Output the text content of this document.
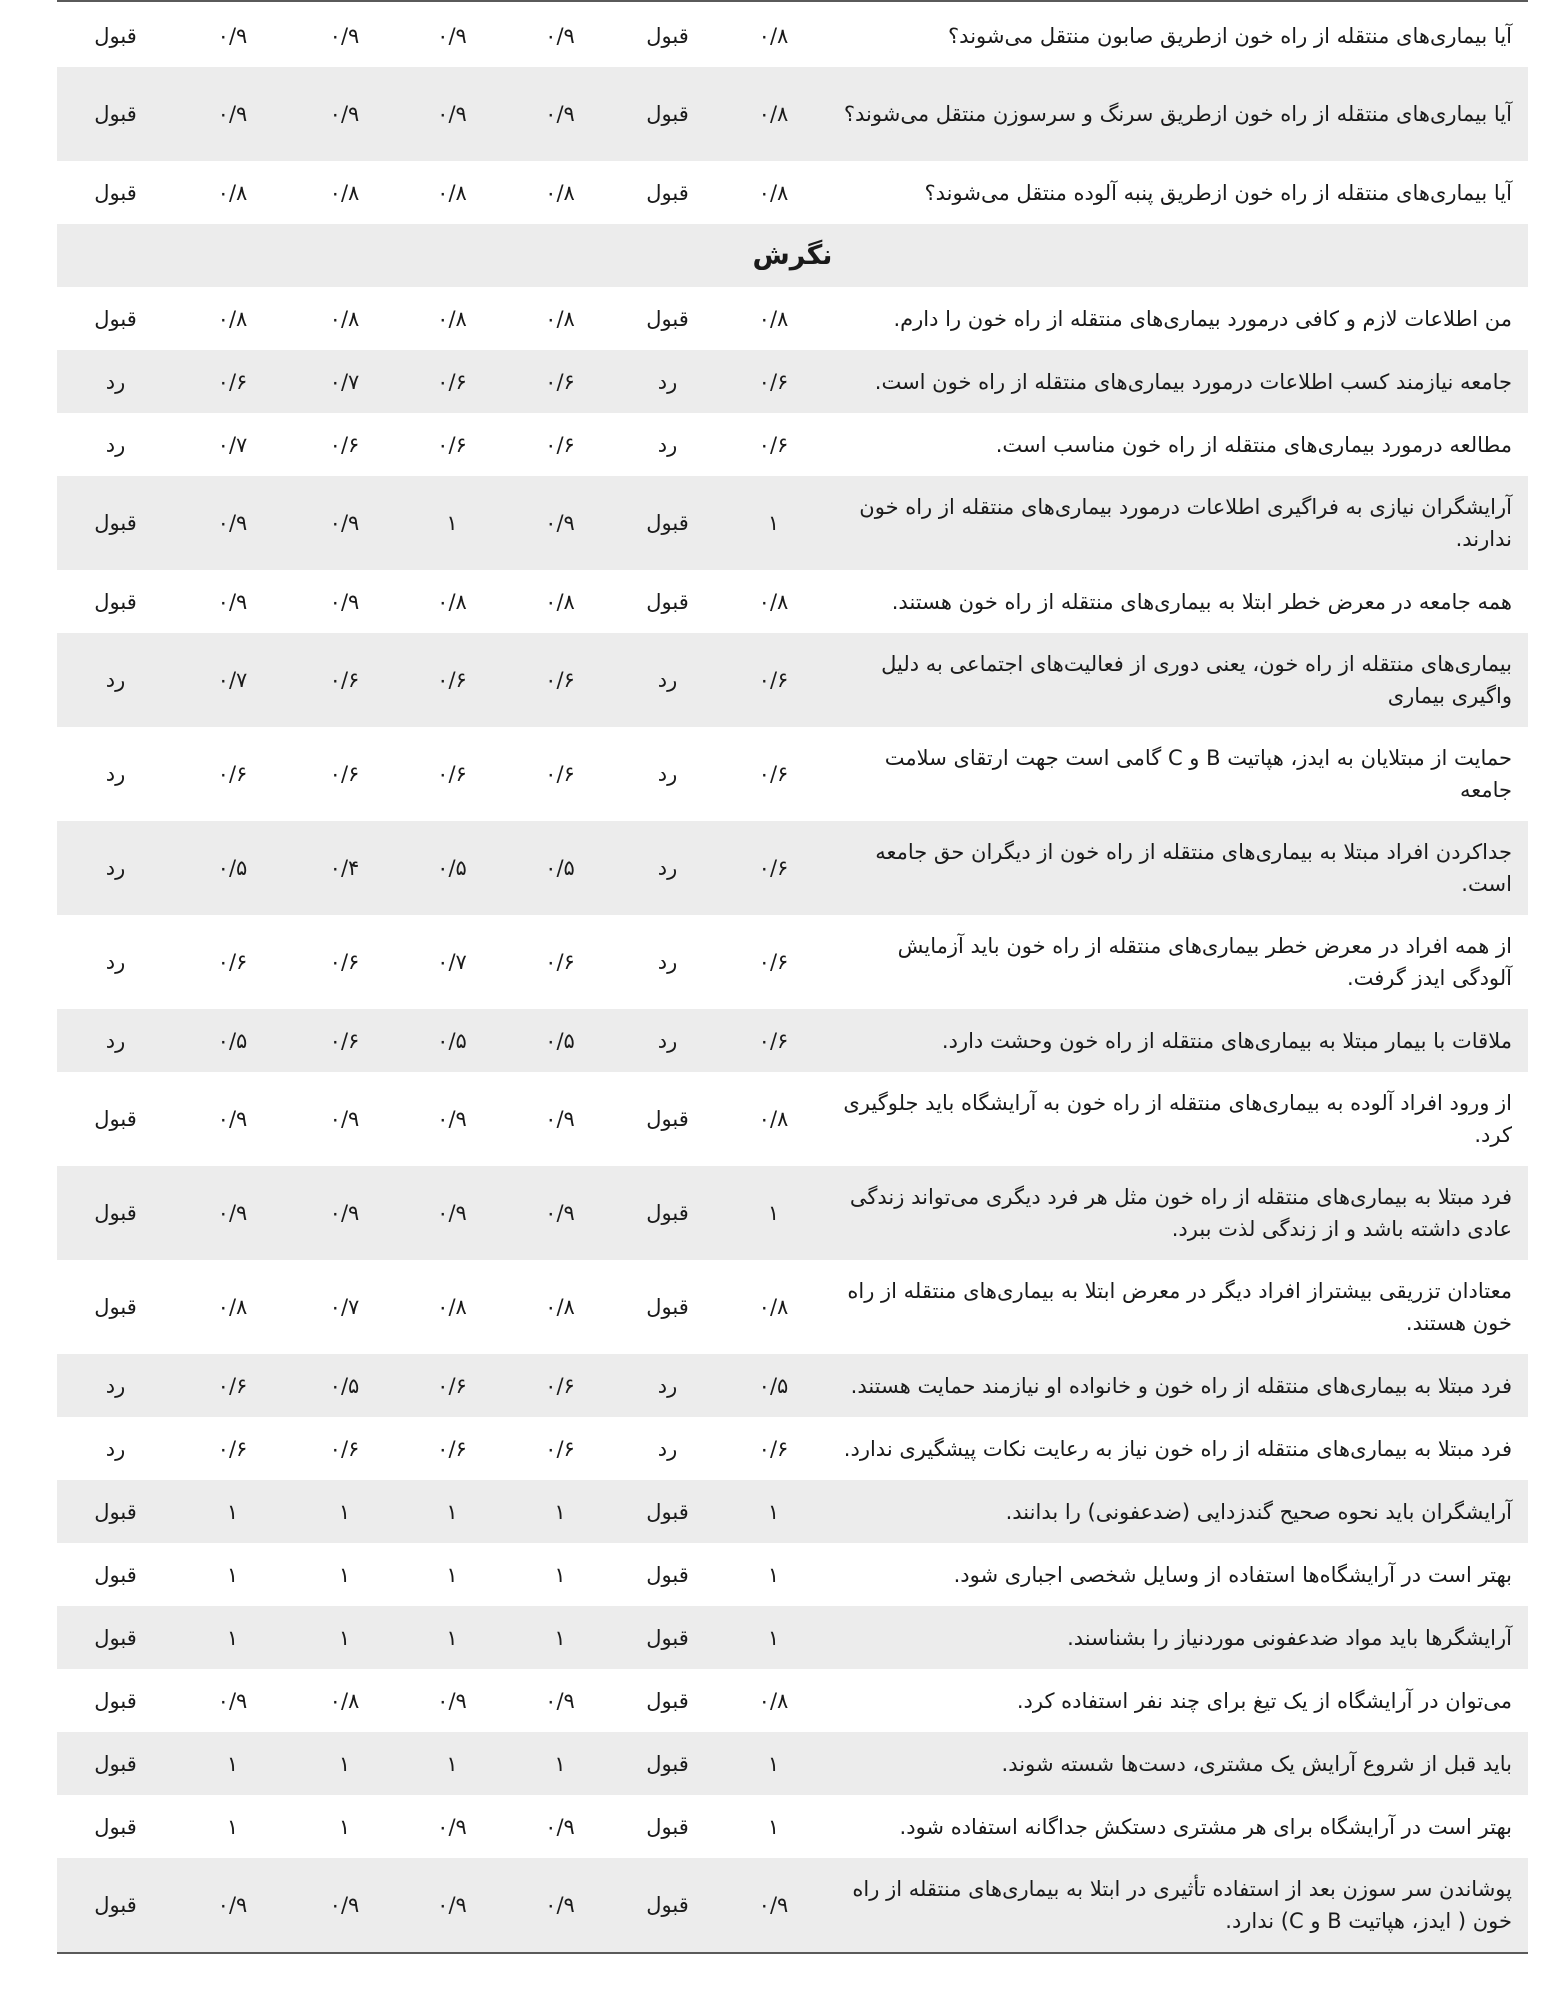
آیا بیماری‌های منتقله از راه خون ازطریق صابون منتقل می‌شوند؟	۰/۸	قبول	۰/۹	۰/۹	۰/۹	۰/۹	قبول
آیا بیماری‌های منتقله از راه خون ازطریق سرنگ و سرسوزن منتقل می‌شوند؟	۰/۸	قبول	۰/۹	۰/۹	۰/۹	۰/۹	قبول
آیا بیماری‌های منتقله از راه خون ازطریق پنبه آلوده منتقل می‌شوند؟	۰/۸	قبول	۰/۸	۰/۸	۰/۸	۰/۸	قبول
نگرش							
من اطلاعات لازم و کافی درمورد بیماری‌های منتقله از راه خون را دارم.	۰/۸	قبول	۰/۸	۰/۸	۰/۸	۰/۸	قبول
جامعه نیازمند کسب اطلاعات درمورد بیماری‌های منتقله از راه خون است.	۰/۶	رد	۰/۶	۰/۶	۰/۷	۰/۶	رد
مطالعه درمورد بیماری‌های منتقله از راه خون مناسب است.	۰/۶	رد	۰/۶	۰/۶	۰/۶	۰/۷	رد
آرایشگران نیازی به فراگیری اطلاعات درمورد بیماری‌های منتقله از راه خون ندارند.	۱	قبول	۰/۹	۱	۰/۹	۰/۹	قبول
همه جامعه در معرض خطر ابتلا به بیماری‌های منتقله از راه خون هستند.	۰/۸	قبول	۰/۸	۰/۸	۰/۹	۰/۹	قبول
بیماری‌های منتقله از راه خون، یعنی دوری از فعالیت‌های اجتماعی به دلیل واگیری بیماری	۰/۶	رد	۰/۶	۰/۶	۰/۶	۰/۷	رد
حمایت از مبتلایان به ایدز، هپاتیت B و C گامی است جهت ارتقای سلامت جامعه	۰/۶	رد	۰/۶	۰/۶	۰/۶	۰/۶	رد
جداکردن افراد مبتلا به بیماری‌های منتقله از راه خون از دیگران حق جامعه است.	۰/۶	رد	۰/۵	۰/۵	۰/۴	۰/۵	رد
از همه افراد در معرض خطر بیماری‌های منتقله از راه خون باید آزمایش آلودگی ایدز گرفت.	۰/۶	رد	۰/۶	۰/۷	۰/۶	۰/۶	رد
ملاقات با بیمار مبتلا به بیماری‌های منتقله از راه خون وحشت دارد.	۰/۶	رد	۰/۵	۰/۵	۰/۶	۰/۵	رد
از ورود افراد آلوده به بیماری‌های منتقله از راه خون به آرایشگاه باید جلوگیری کرد.	۰/۸	قبول	۰/۹	۰/۹	۰/۹	۰/۹	قبول
فرد مبتلا به بیماری‌های منتقله از راه خون مثل هر فرد دیگری می‌تواند زندگی عادی داشته باشد و از زندگی لذت ببرد.	۱	قبول	۰/۹	۰/۹	۰/۹	۰/۹	قبول
معتادان تزریقی بیشتراز افراد دیگر در معرض ابتلا به بیماری‌های منتقله از راه خون هستند.	۰/۸	قبول	۰/۸	۰/۸	۰/۷	۰/۸	قبول
فرد مبتلا به بیماری‌های منتقله از راه خون و خانواده او نیازمند حمایت هستند.	۰/۵	رد	۰/۶	۰/۶	۰/۵	۰/۶	رد
فرد مبتلا به بیماری‌های منتقله از راه خون نیاز به رعایت نکات پیشگیری ندارد.	۰/۶	رد	۰/۶	۰/۶	۰/۶	۰/۶	رد
آرایشگران باید نحوه صحیح گندزدایی (ضدعفونی) را بدانند.	۱	قبول	۱	۱	۱	۱	قبول
بهتر است در آرایشگاه‌ها استفاده از وسایل شخصی اجباری شود.	۱	قبول	۱	۱	۱	۱	قبول
آرایشگرها باید مواد ضدعفونی موردنیاز را بشناسند.	۱	قبول	۱	۱	۱	۱	قبول
می‌توان در آرایشگاه از یک تیغ برای چند نفر استفاده کرد.	۰/۸	قبول	۰/۹	۰/۹	۰/۸	۰/۹	قبول
باید قبل از شروع آرایش یک مشتری، دست‌ها شسته شوند.	۱	قبول	۱	۱	۱	۱	قبول
بهتر است در آرایشگاه برای هر مشتری دستکش جداگانه استفاده شود.	۱	قبول	۰/۹	۰/۹	۱	۱	قبول
پوشاندن سر سوزن بعد از استفاده تأثیری در ابتلا به بیماری‌های منتقله از راه خون ( ایدز، هپاتیت B و C) ندارد.	۰/۹	قبول	۰/۹	۰/۹	۰/۹	۰/۹	قبول
